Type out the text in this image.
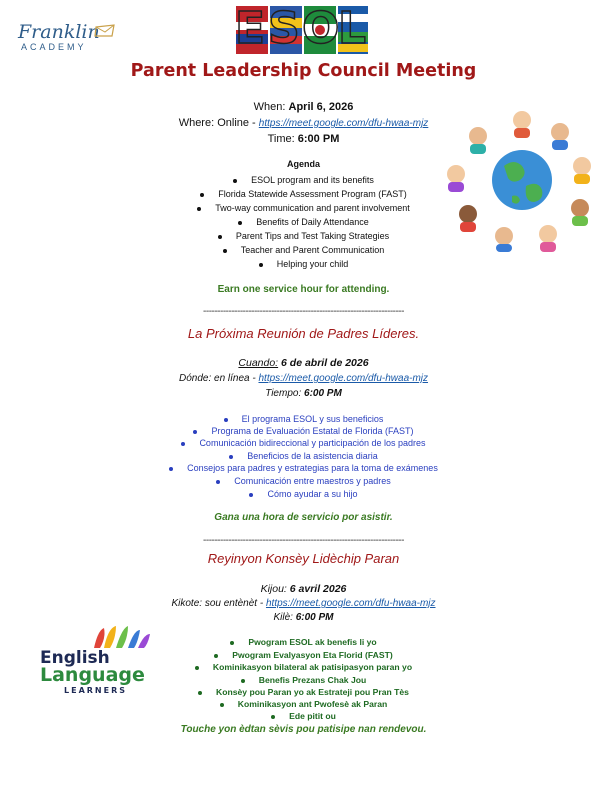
Franklin
ACADEMY	ESOL
Parent Leadership Council Meeting
When: April 6, 2026
Where: Online - https://meet.google.com/dfu-hwaa-mjz
Time: 6:00 PM
Agenda
ESOL program and its benefits
Florida Statewide Assessment Program (FAST)
Two-way communication and parent involvement
Benefits of Daily Attendance
Parent Tips and Test Taking Strategies
Teacher and Parent Communication
Helping your child
Earn one service hour for attending.
-----------------------------------------------------------------------
La Próxima Reunión de Padres Líderes.
Cuando: 6 de abril de 2026
Dónde: en línea - https://meet.google.com/dfu-hwaa-mjz
Tiempo: 6:00 PM
El programa ESOL y sus beneficios
Programa de Evaluación Estatal de Florida (FAST)
Comunicación bidireccional y participación de los padres
Beneficios de la asistencia diaria
Consejos para padres y estrategias para la toma de exámenes
Comunicación entre maestros y padres
Cómo ayudar a su hijo
Gana una hora de servicio por asistir.
-----------------------------------------------------------------------
Reyinyon Konsèy Lidèchip Paran
Kijou: 6 avril 2026
Kikote: sou entènèt - https://meet.google.com/dfu-hwaa-mjz
Kilè: 6:00 PM
English
Language
LEARNERS
Pwogram ESOL ak benefis li yo
Pwogram Evalyasyon Eta Florid (FAST)
Kominikasyon bilateral ak patisipasyon paran yo
Benefis Prezans Chak Jou
Konsèy pou Paran yo ak Estrateji pou Pran Tès
Kominikasyon ant Pwofesè ak Paran
Ede pitit ou
Touche yon èdtan sèvis pou patisipe nan rendevou.
